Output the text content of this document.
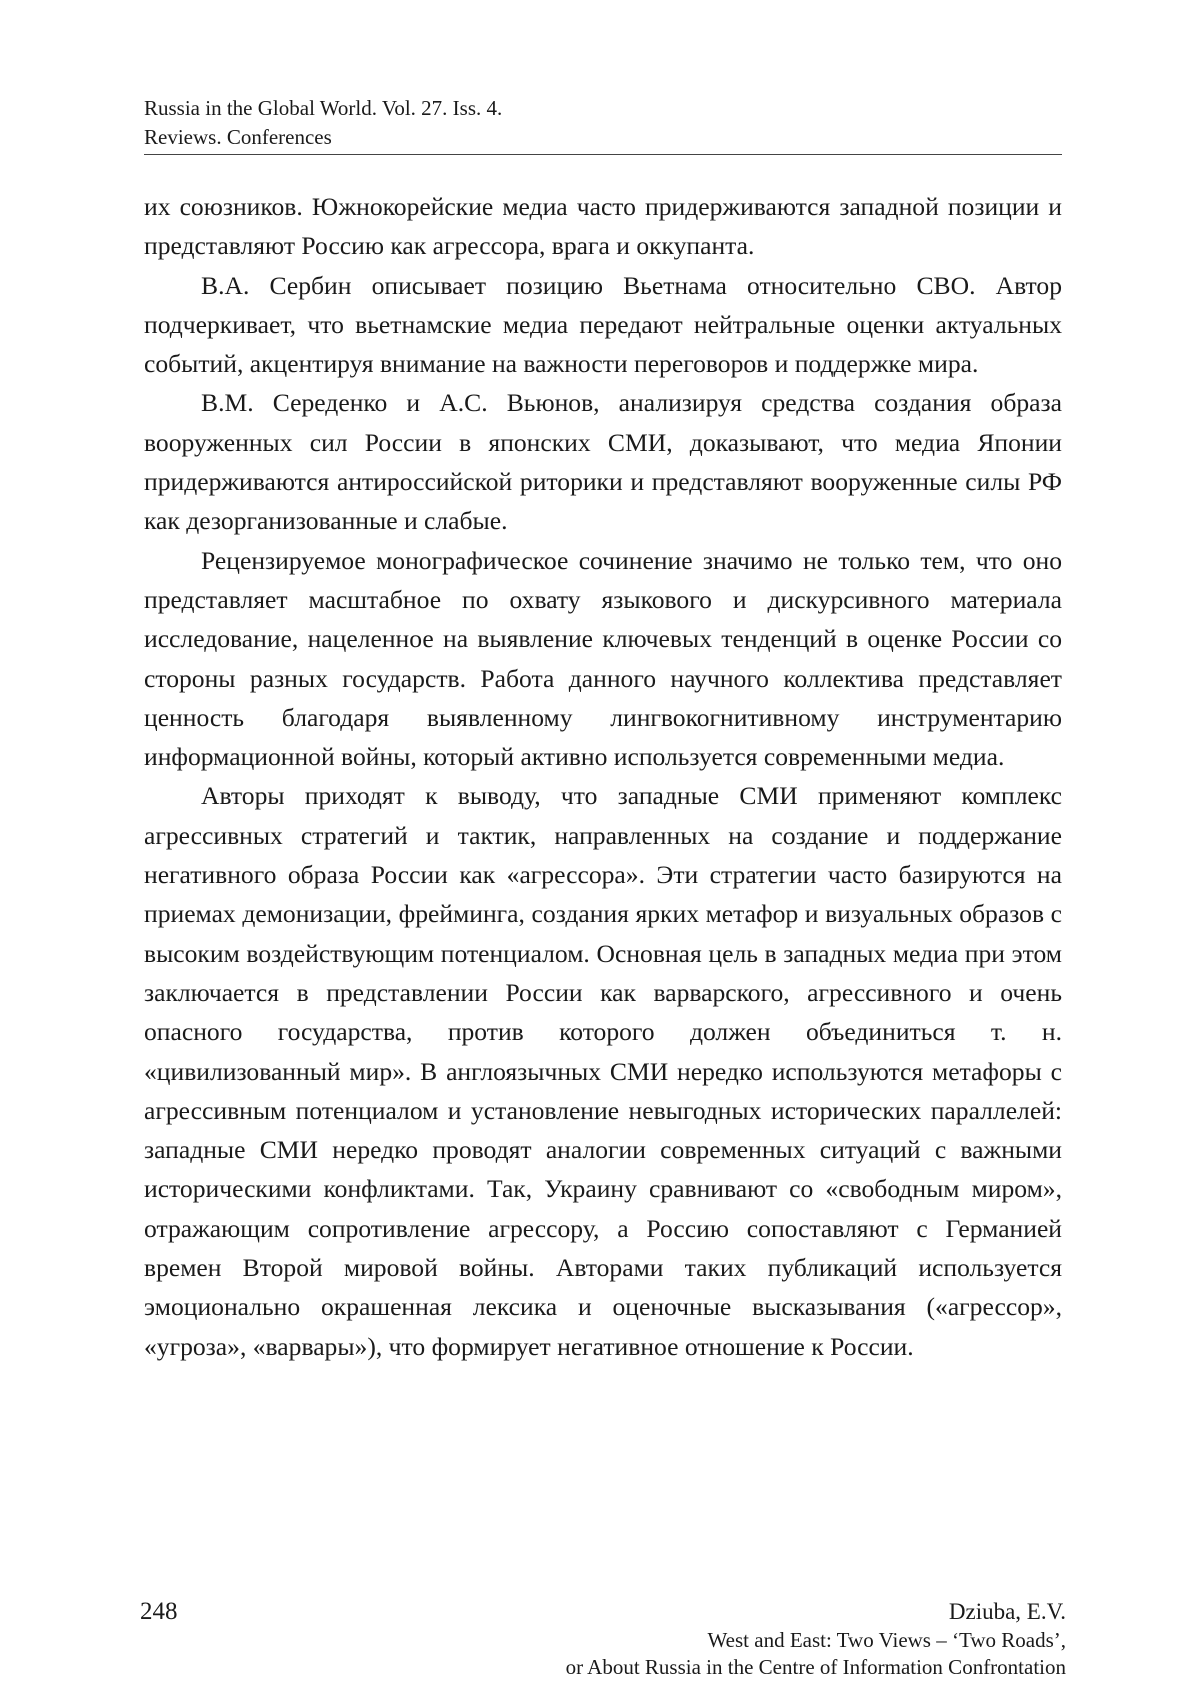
Russia in the Global World. Vol. 27. Iss. 4.
Reviews. Conferences

их союзников. Южнокорейские медиа часто придерживаются западной позиции и представляют Россию как агрессора, врага и оккупанта.

В.А. Сербин описывает позицию Вьетнама относительно СВО. Автор подчеркивает, что вьетнамские медиа передают нейтральные оценки актуальных событий, акцентируя внимание на важности переговоров и поддержке мира.

В.М. Середенко и А.С. Вьюнов, анализируя средства создания образа вооруженных сил России в японских СМИ, доказывают, что медиа Японии придерживаются антироссийской риторики и представляют вооруженные силы РФ как дезорганизованные и слабые.

Рецензируемое монографическое сочинение значимо не только тем, что оно представляет масштабное по охвату языкового и дискурсивного материала исследование, нацеленное на выявление ключевых тенденций в оценке России со стороны разных государств. Работа данного научного коллектива представляет ценность благодаря выявленному лингвокогнитивному инструментарию информационной войны, который активно используется современными медиа.

Авторы приходят к выводу, что западные СМИ применяют комплекс агрессивных стратегий и тактик, направленных на создание и поддержание негативного образа России как «агрессора». Эти стратегии часто базируются на приемах демонизации, фрейминга, создания ярких метафор и визуальных образов с высоким воздействующим потенциалом. Основная цель в западных медиа при этом заключается в представлении России как варварского, агрессивного и очень опасного государства, против которого должен объединиться т. н. «цивилизованный мир». В англоязычных СМИ нередко используются метафоры с агрессивным потенциалом и установление невыгодных исторических параллелей: западные СМИ нередко проводят аналогии современных ситуаций с важными историческими конфликтами. Так, Украину сравнивают со «свободным миром», отражающим сопротивление агрессору, а Россию сопоставляют с Германией времен Второй мировой войны. Авторами таких публикаций используется эмоционально окрашенная лексика и оценочные высказывания («агрессор», «угроза», «варвары»), что формирует негативное отношение к России.

248	Dziuba, E.V.
West and East: Two Views – ‘Two Roads’,
or About Russia in the Centre of Information Confrontation
